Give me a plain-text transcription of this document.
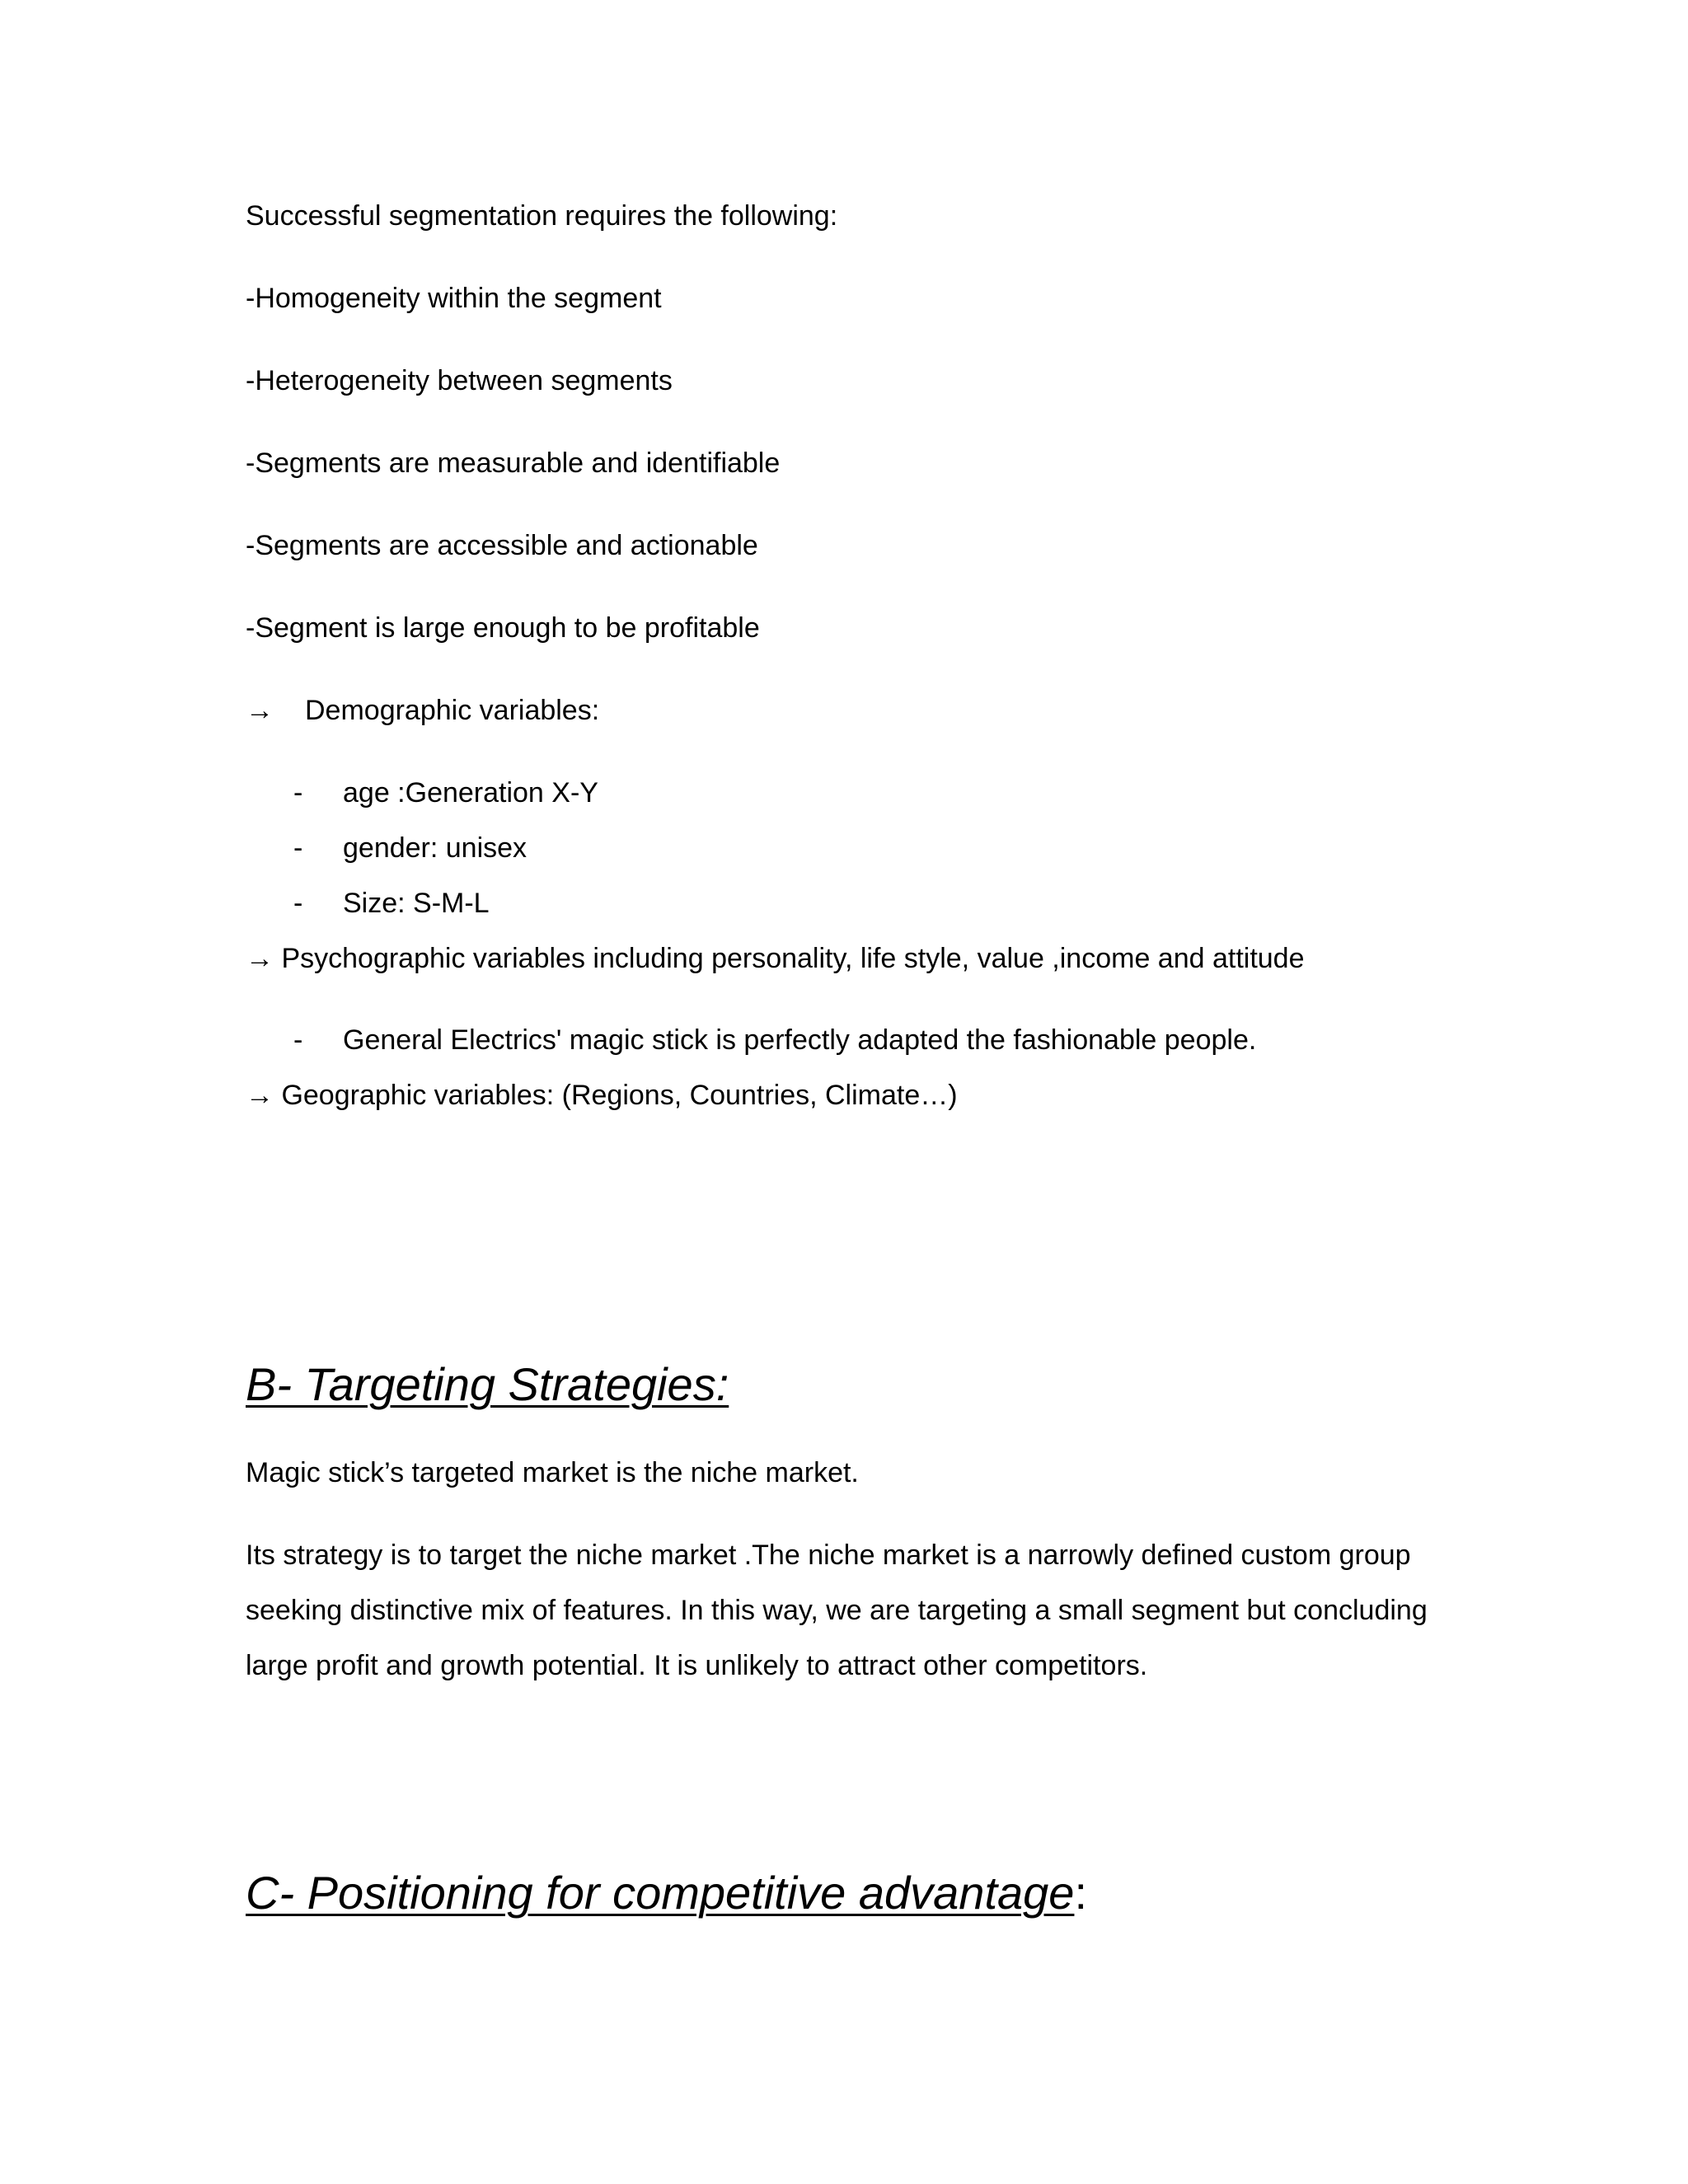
Successful segmentation requires the following:
-Homogeneity within the segment
-Heterogeneity between segments
-Segments are measurable and identifiable
-Segments are accessible and actionable
-Segment is large enough to be profitable
→ Demographic variables:
- age :Generation X-Y
- gender: unisex
- Size: S-M-L
→ Psychographic variables including personality, life style, value ,income and attitude
- General Electrics' magic stick is perfectly adapted the fashionable people.
→ Geographic variables: (Regions, Countries, Climate…)
B- Targeting Strategies:
Magic stick’s targeted market is the niche market.
Its strategy is to target the niche market .The niche market is a narrowly defined custom group
seeking distinctive mix of features. In this way, we are targeting a small segment but concluding
large profit and growth potential. It is unlikely to attract other competitors.
C- Positioning for competitive advantage:
